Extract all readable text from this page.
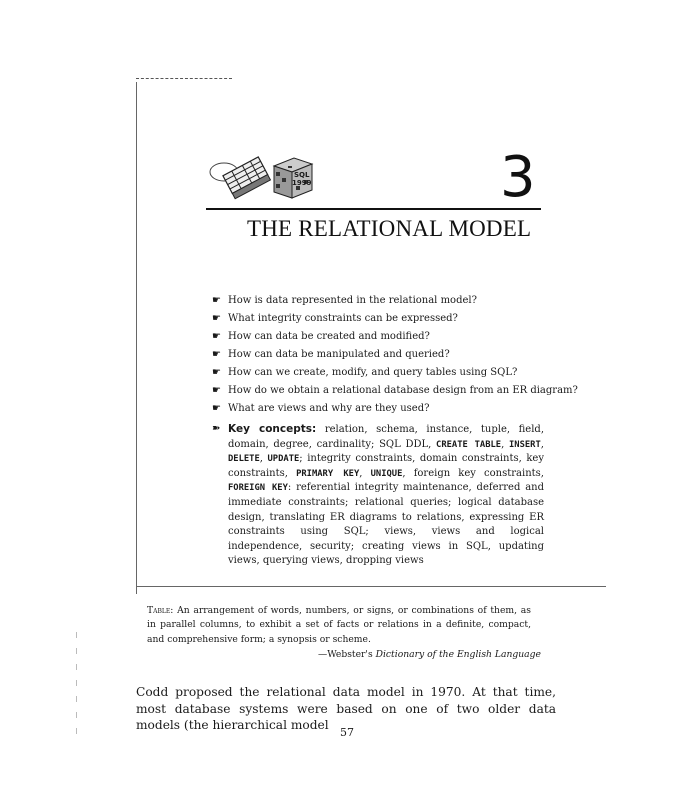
SQL
1999	3
THE RELATIONAL MODEL
☛ How is data represented in the relational model?
☛ What integrity constraints can be expressed?
☛ How can data be created and modified?
☛ How can data be manipulated and queried?
☛ How can we create, modify, and query tables using SQL?
☛ How do we obtain a relational database design from an ER diagram?
☛ What are views and why are they used?
➽ Key concepts: relation, schema, instance, tuple, field, domain, degree, cardinality; SQL DDL, CREATE TABLE, INSERT, DELETE, UPDATE; integrity constraints, domain constraints, key constraints, PRIMARY KEY, UNIQUE, foreign key constraints, FOREIGN KEY: referential integrity maintenance, deferred and immediate constraints; relational queries; logical database design, translating ER diagrams to relations, expressing ER constraints using SQL; views, views and logical independence, security; creating views in SQL, updating views, querying views, dropping views
Table: An arrangement of words, numbers, or signs, or combinations of them, as in parallel columns, to exhibit a set of facts or relations in a definite, compact, and comprehensive form; a synopsis or scheme.
—Webster's Dictionary of the English Language
Codd proposed the relational data model in 1970. At that time, most database systems were based on one of two older data models (the hierarchical model
57
